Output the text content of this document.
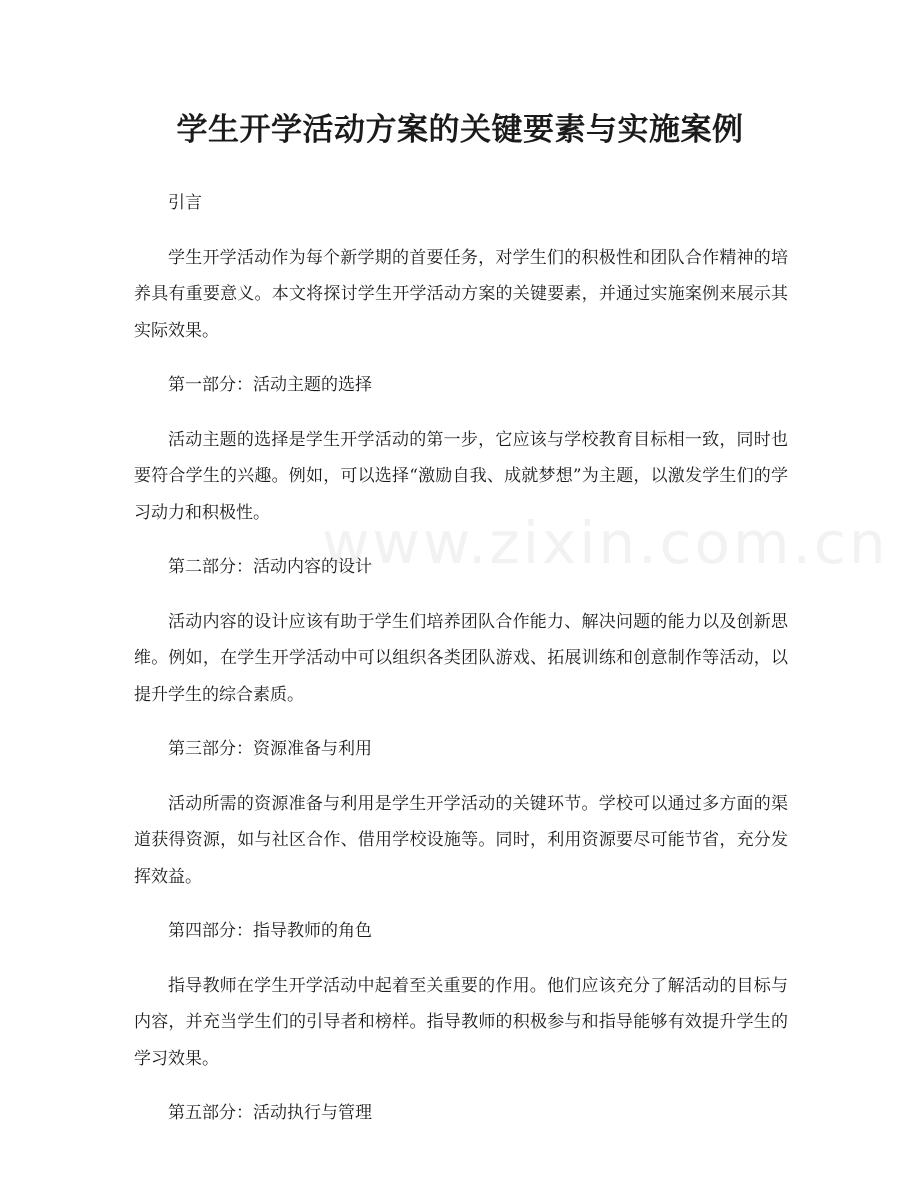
www.zixin.com.cn
学生开学活动方案的关键要素与实施案例

引言

学生开学活动作为每个新学期的首要任务，对学生们的积极性和团队合作精神的培养具有重要意义。本文将探讨学生开学活动方案的关键要素，并通过实施案例来展示其实际效果。

第一部分：活动主题的选择

活动主题的选择是学生开学活动的第一步，它应该与学校教育目标相一致，同时也要符合学生的兴趣。例如，可以选择“激励自我、成就梦想”为主题，以激发学生们的学习动力和积极性。

第二部分：活动内容的设计

活动内容的设计应该有助于学生们培养团队合作能力、解决问题的能力以及创新思维。例如，在学生开学活动中可以组织各类团队游戏、拓展训练和创意制作等活动，以提升学生的综合素质。

第三部分：资源准备与利用

活动所需的资源准备与利用是学生开学活动的关键环节。学校可以通过多方面的渠道获得资源，如与社区合作、借用学校设施等。同时，利用资源要尽可能节省，充分发挥效益。

第四部分：指导教师的角色

指导教师在学生开学活动中起着至关重要的作用。他们应该充分了解活动的目标与内容，并充当学生们的引导者和榜样。指导教师的积极参与和指导能够有效提升学生的学习效果。

第五部分：活动执行与管理
